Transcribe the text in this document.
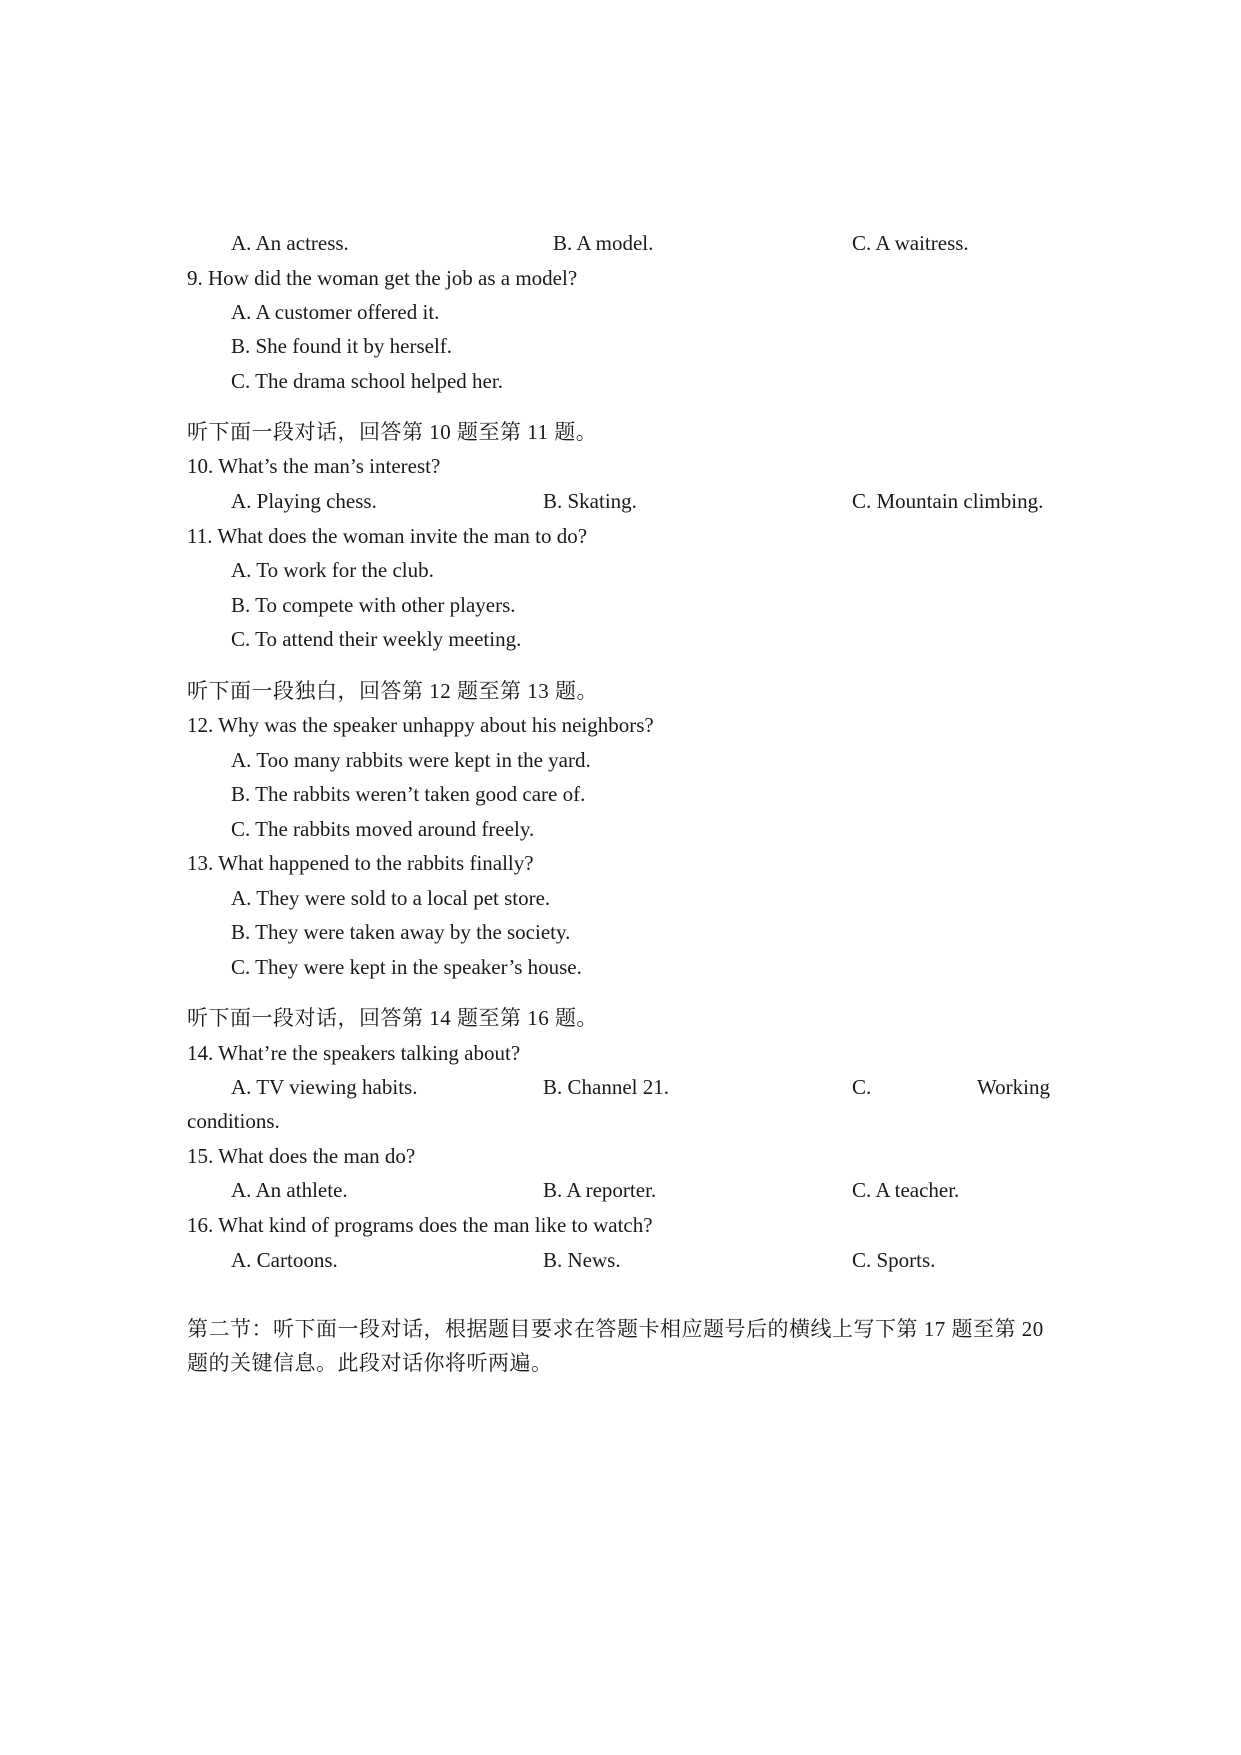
A. An actress.	B. A model.	C. A waitress.
9. How did the woman get the job as a model?
A. A customer offered it.
B. She found it by herself.
C. The drama school helped her.
听下面一段对话，回答第 10 题至第 11 题。
10. What’s the man’s interest?
A. Playing chess.	B. Skating.	C. Mountain climbing.
11. What does the woman invite the man to do?
A. To work for the club.
B. To compete with other players.
C. To attend their weekly meeting.
听下面一段独白，回答第 12 题至第 13 题。
12. Why was the speaker unhappy about his neighbors?
A. Too many rabbits were kept in the yard.
B. The rabbits weren’t taken good care of.
C. The rabbits moved around freely.
13. What happened to the rabbits finally?
A. They were sold to a local pet store.
B. They were taken away by the society.
C. They were kept in the speaker’s house.
听下面一段对话，回答第 14 题至第 16 题。
14. What’re the speakers talking about?
A. TV viewing habits.	B. Channel 21.	C.	Working
conditions.
15. What does the man do?
A. An athlete.	B. A reporter.	C. A teacher.
16. What kind of programs does the man like to watch?
A. Cartoons.	B. News.	C. Sports.
第二节：听下面一段对话，根据题目要求在答题卡相应题号后的横线上写下第 17 题至第 20
题的关键信息。此段对话你将听两遍。
